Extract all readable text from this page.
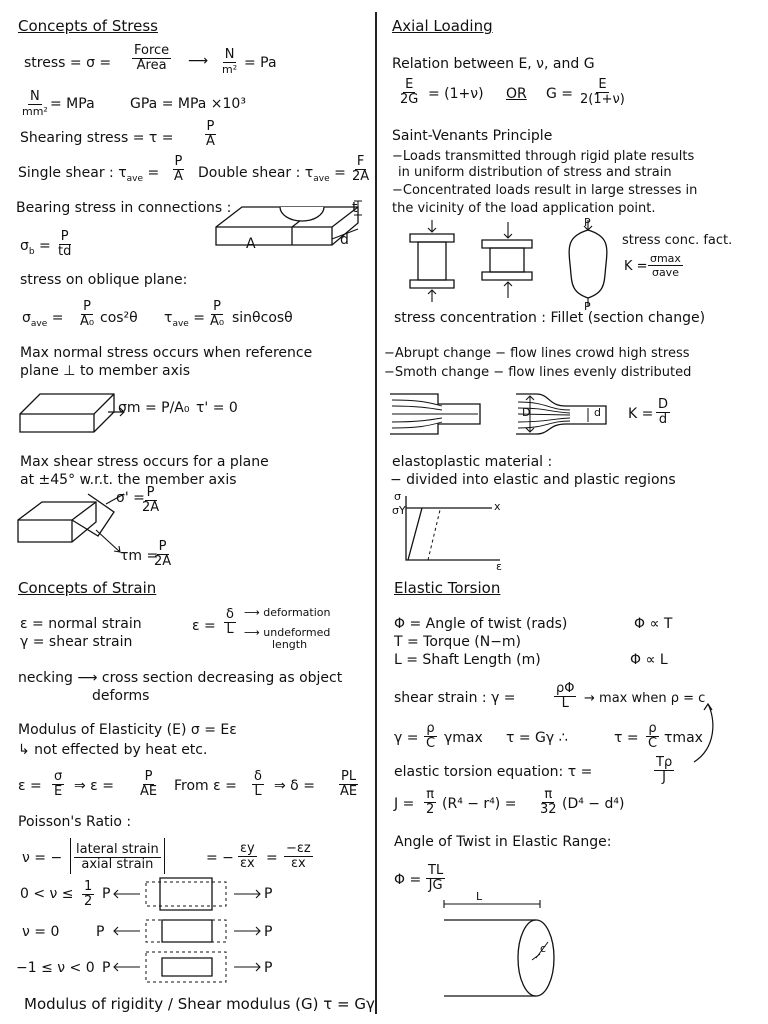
Concepts of Stress
stress = σ =
Force
Area ⟶ N
m² = Pa
N
mm² = MPa	GPa = MPa ×10³
Shearing stress = $\tau = \frac{P}{A}$
Single shear : $\tau_{ave} = \frac{P}{A}$ Double shear : $\tau_{ave} = \frac{F}{2A}$
Bearing stress in connections :
$\sigma_b = \frac{P}{td}$	A
t
d
stress on oblique plane:
$\sigma_{ave} = \frac{P}{\text{A₀}} \cos^2\theta$ $\tau_{ave} = \frac{P}{\text{A₀}}$ sinθcosθ
Max normal stress occurs when reference
plane ⊥ to member axis
σm = P/A₀ τ' = 0
Max shear stress occurs for a plane
at ±45° w.r.t. the member axis
σ' =
$\frac{P}{2A}$
τm =
$\frac{P}{2A}$
Concepts of Strain
ε = normal strain
γ = shear strain
$\varepsilon = \frac{\delta}{L}$ ⟶ deformation
⟶ undeformed
length
necking ⟶ cross section decreasing as object
deforms
Modulus of Elasticity (E) σ = Eε
↳ not effected by heat etc.
$\varepsilon = \frac{\sigma}{E}$ ⇒ $\varepsilon = \frac{P}{AE}$ From $\varepsilon = \frac{\delta}{L}$ ⇒ $\delta = \frac{PL}{AE}$
Poisson's Ratio :
ν = − $\frac{\text{lateral strain}}{\text{axial strain}}$	= − $\frac{\varepsilon y}{\varepsilon x} = \frac{-\varepsilon z}{\varepsilon x}$
$0 < \nu \le \frac{1}{2}$ P	P
ν = 0	P	P
−1 ≤ ν < 0 P	P
Modulus of rigidity / Shear modulus (G) τ = Gγ
Axial Loading
Relation between E, ν, and G
$\frac{E}{2G} = (1+\nu)$ OR $G = \frac{E}{2(1+\nu)}$
Saint-Venants Principle
−Loads transmitted through rigid plate results
in uniform distribution of stress and strain
−Concentrated loads result in large stresses in
the vicinity of the load application point.
P
P
stress conc. fact.
K =
σmax
σave
stress concentration : Fillet (section change)
−Abrupt change − flow lines crowd high stress
−Smoth change − flow lines evenly distributed
D	d $K = \frac{D}{d}$
elastoplastic material :
− divided into elastic and plastic regions
σ
σY	x
ε
Elastic Torsion
Φ = Angle of twist (rads)	Φ ∝ T
T = Torque (N−m)
L = Shaft Length (m)	Φ ∝ L
shear strain : γ =	$\frac{\rho\Phi}{L} \to \max$ when ρ = c
$\gamma = \frac{\rho}{C}$ γmax τ = Gγ ∴	$\tau = \frac{\rho}{C}$ τmax
elastic torsion equation: τ =	$\frac{T\rho}{J}$
$J = \frac{\pi}{2} (R^4 - r^4) = \frac{\pi}{32} (D^4 - d^4)$
Angle of Twist in Elastic Range:
$\Phi = \frac{TL}{JG}$
L
c
